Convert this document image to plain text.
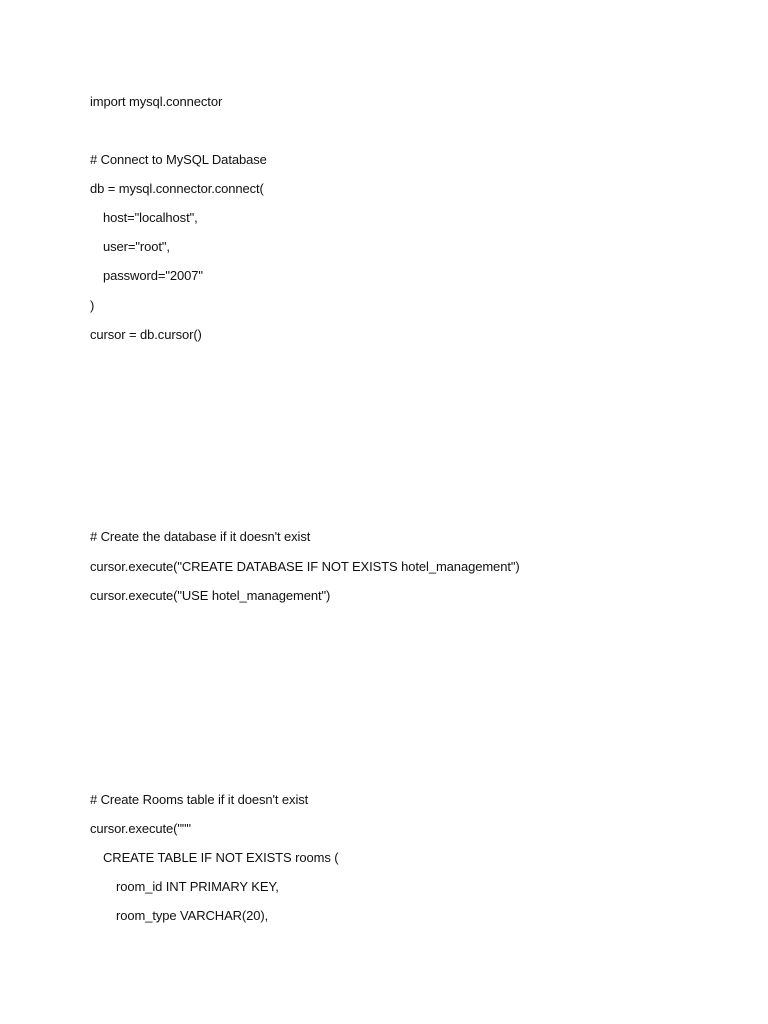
import mysql.connector
# Connect to MySQL Database
db = mysql.connector.connect(
host="localhost",
user="root",
password="2007"
)
cursor = db.cursor()
# Create the database if it doesn't exist
cursor.execute("CREATE DATABASE IF NOT EXISTS hotel_management")
cursor.execute("USE hotel_management")
# Create Rooms table if it doesn't exist
cursor.execute("""
CREATE TABLE IF NOT EXISTS rooms (
room_id INT PRIMARY KEY,
room_type VARCHAR(20),
